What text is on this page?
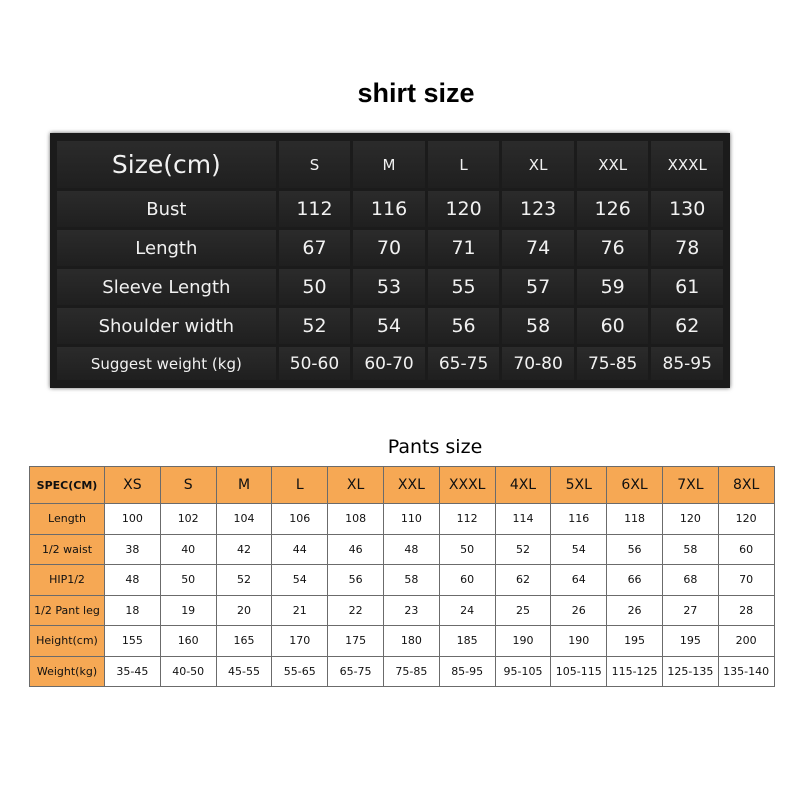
shirt size
Size(cm)	S	M	L	XL	XXL	XXXL
Bust	112	116	120	123	126	130
Length	67	70	71	74	76	78
Sleeve Length	50	53	55	57	59	61
Shoulder width	52	54	56	58	60	62
Suggest weight (kg)	50-60	60-70	65-75	70-80	75-85	85-95
Pants size
SPEC(CM)	XS	S	M	L	XL	XXL	XXXL	4XL	5XL	6XL	7XL	8XL
Length	100	102	104	106	108	110	112	114	116	118	120	120
1/2 waist	38	40	42	44	46	48	50	52	54	56	58	60
HIP1/2	48	50	52	54	56	58	60	62	64	66	68	70
1/2 Pant leg	18	19	20	21	22	23	24	25	26	26	27	28
Height(cm)	155	160	165	170	175	180	185	190	190	195	195	200
Weight(kg)	35-45	40-50	45-55	55-65	65-75	75-85	85-95	95-105	105-115	115-125	125-135	135-140
